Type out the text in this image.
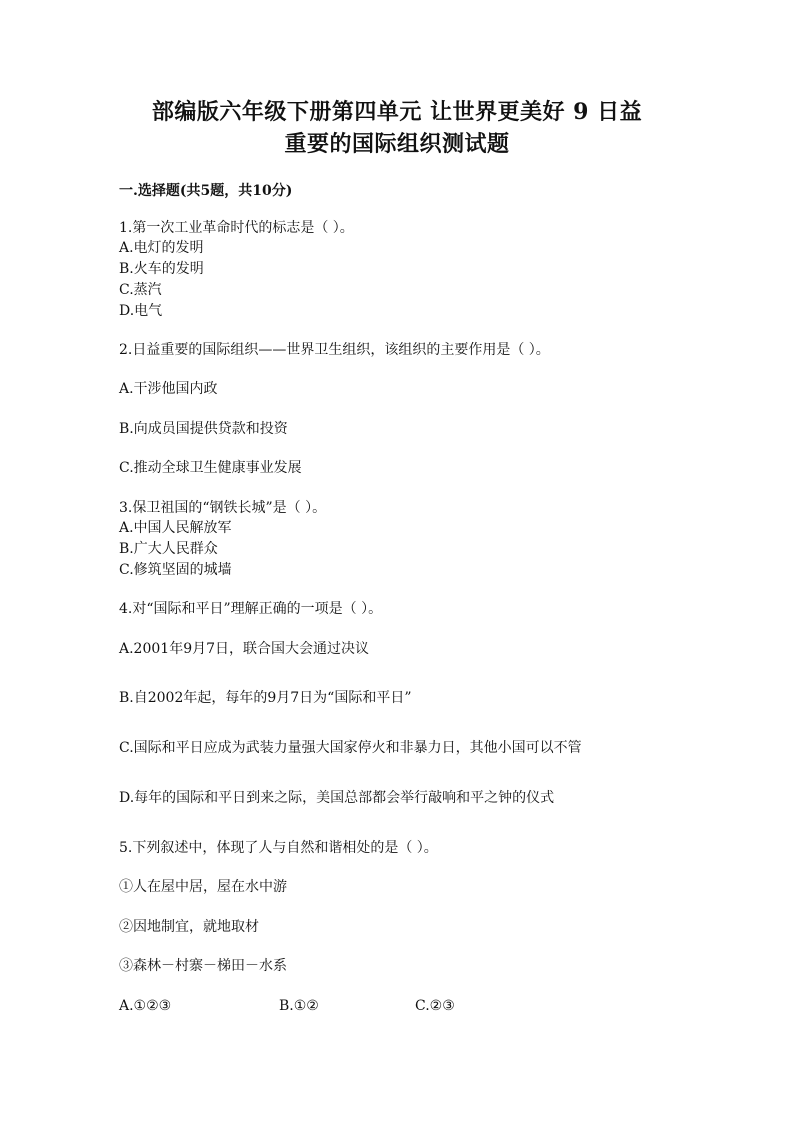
部编版六年级下册第四单元 让世界更美好 9 日益
重要的国际组织测试题
一.选择题(共5题，共10分)
1.第一次工业革命时代的标志是（ ）。
A.电灯的发明
B.火车的发明
C.蒸汽
D.电气
2.日益重要的国际组织——世界卫生组织，该组织的主要作用是（ ）。
A.干涉他国内政
B.向成员国提供贷款和投资
C.推动全球卫生健康事业发展
3.保卫祖国的“钢铁长城”是（ ）。
A.中国人民解放军
B.广大人民群众
C.修筑坚固的城墙
4.对“国际和平日”理解正确的一项是（ ）。
A.2001年9月7日，联合国大会通过决议
B.自2002年起，每年的9月7日为“国际和平日”
C.国际和平日应成为武装力量强大国家停火和非暴力日，其他小国可以不管
D.每年的国际和平日到来之际，美国总部都会举行敲响和平之钟的仪式
5.下列叙述中，体现了人与自然和谐相处的是（ ）。
①人在屋中居，屋在水中游
②因地制宜，就地取材
③森林－村寨－梯田－水系
A.①②③	B.①②	C.②③
